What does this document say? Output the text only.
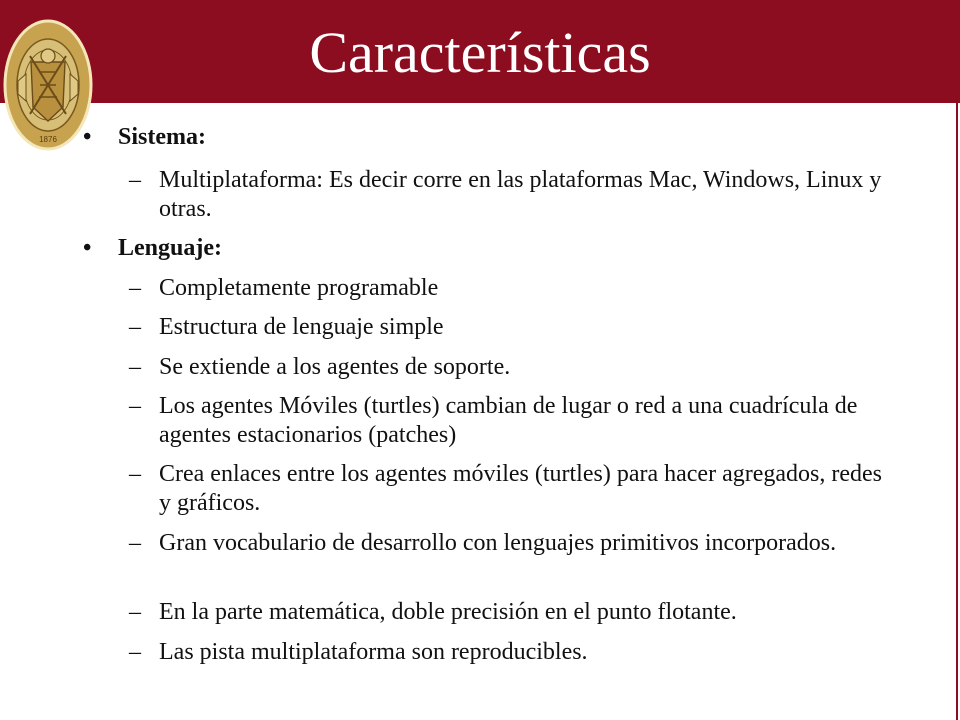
1876
Características
• Sistema:
– Multiplataforma: Es decir corre en las plataformas Mac, Windows, Linux y otras.
• Lenguaje:
– Completamente programable
– Estructura de lenguaje simple
– Se extiende a los agentes de soporte.
– Los agentes Móviles (turtles) cambian de lugar o red a una cuadrícula de agentes estacionarios (patches)
– Crea enlaces entre los agentes móviles (turtles) para hacer agregados, redes y gráficos.
– Gran vocabulario de desarrollo con lenguajes primitivos incorporados.
– En la parte matemática, doble precisión en el punto flotante.
– Las pista multiplataforma son reproducibles.
